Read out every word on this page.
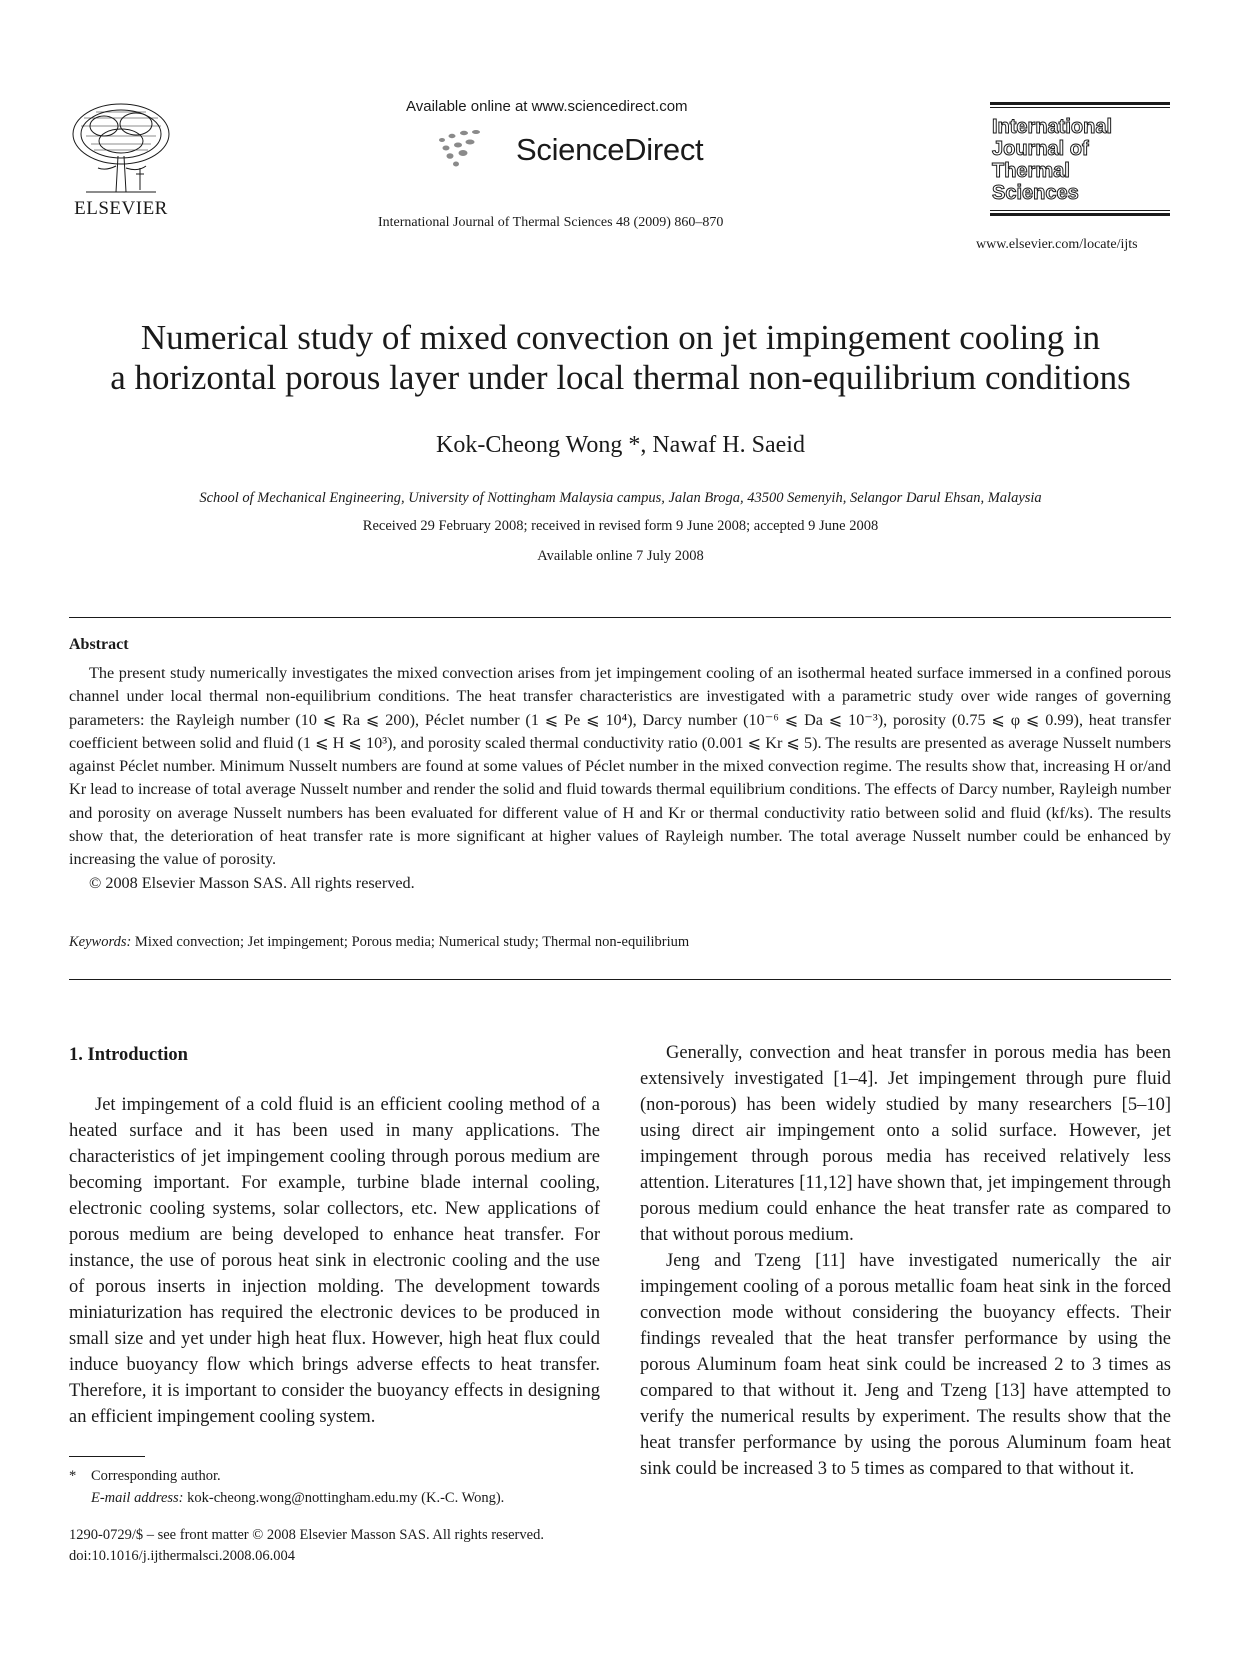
ELSEVIER
Available online at www.sciencedirect.com
ScienceDirect
International Journal of Thermal Sciences 48 (2009) 860–870
International
Journal of
Thermal
Sciences
www.elsevier.com/locate/ijts
Numerical study of mixed convection on jet impingement cooling in
a horizontal porous layer under local thermal non-equilibrium conditions
Kok-Cheong Wong *, Nawaf H. Saeid
School of Mechanical Engineering, University of Nottingham Malaysia campus, Jalan Broga, 43500 Semenyih, Selangor Darul Ehsan, Malaysia
Received 29 February 2008; received in revised form 9 June 2008; accepted 9 June 2008
Available online 7 July 2008
Abstract

The present study numerically investigates the mixed convection arises from jet impingement cooling of an isothermal heated surface immersed in a confined porous channel under local thermal non-equilibrium conditions. The heat transfer characteristics are investigated with a parametric study over wide ranges of governing parameters: the Rayleigh number (10 ⩽ Ra ⩽ 200), Péclet number (1 ⩽ Pe ⩽ 10⁴), Darcy number (10⁻⁶ ⩽ Da ⩽ 10⁻³), porosity (0.75 ⩽ φ ⩽ 0.99), heat transfer coefficient between solid and fluid (1 ⩽ H ⩽ 10³), and porosity scaled thermal conductivity ratio (0.001 ⩽ Kr ⩽ 5). The results are presented as average Nusselt numbers against Péclet number. Minimum Nusselt numbers are found at some values of Péclet number in the mixed convection regime. The results show that, increasing H or/and Kr lead to increase of total average Nusselt number and render the solid and fluid towards thermal equilibrium conditions. The effects of Darcy number, Rayleigh number and porosity on average Nusselt numbers has been evaluated for different value of H and Kr or thermal conductivity ratio between solid and fluid (kf/ks). The results show that, the deterioration of heat transfer rate is more significant at higher values of Rayleigh number. The total average Nusselt number could be enhanced by increasing the value of porosity.

© 2008 Elsevier Masson SAS. All rights reserved.

Keywords: Mixed convection; Jet impingement; Porous media; Numerical study; Thermal non-equilibrium
1. Introduction

Jet impingement of a cold fluid is an efficient cooling method of a heated surface and it has been used in many applications. The characteristics of jet impingement cooling through porous medium are becoming important. For example, turbine blade internal cooling, electronic cooling systems, solar collectors, etc. New applications of porous medium are being developed to enhance heat transfer. For instance, the use of porous heat sink in electronic cooling and the use of porous inserts in injection molding. The development towards miniaturization has required the electronic devices to be produced in small size and yet under high heat flux. However, high heat flux could induce buoyancy flow which brings adverse effects to heat transfer. Therefore, it is important to consider the buoyancy effects in designing an efficient impingement cooling system.

Generally, convection and heat transfer in porous media has been extensively investigated [1–4]. Jet impingement through pure fluid (non-porous) has been widely studied by many researchers [5–10] using direct air impingement onto a solid surface. However, jet impingement through porous media has received relatively less attention. Literatures [11,12] have shown that, jet impingement through porous medium could enhance the heat transfer rate as compared to that without porous medium.

Jeng and Tzeng [11] have investigated numerically the air impingement cooling of a porous metallic foam heat sink in the forced convection mode without considering the buoyancy effects. Their findings revealed that the heat transfer performance by using the porous Aluminum foam heat sink could be increased 2 to 3 times as compared to that without it. Jeng and Tzeng [13] have attempted to verify the numerical results by experiment. The results show that the heat transfer performance by using the porous Aluminum foam heat sink could be increased 3 to 5 times as compared to that without it.

* Corresponding author.
E-mail address: kok-cheong.wong@nottingham.edu.my (K.-C. Wong).
1290-0729/$ – see front matter © 2008 Elsevier Masson SAS. All rights reserved.
doi:10.1016/j.ijthermalsci.2008.06.004
